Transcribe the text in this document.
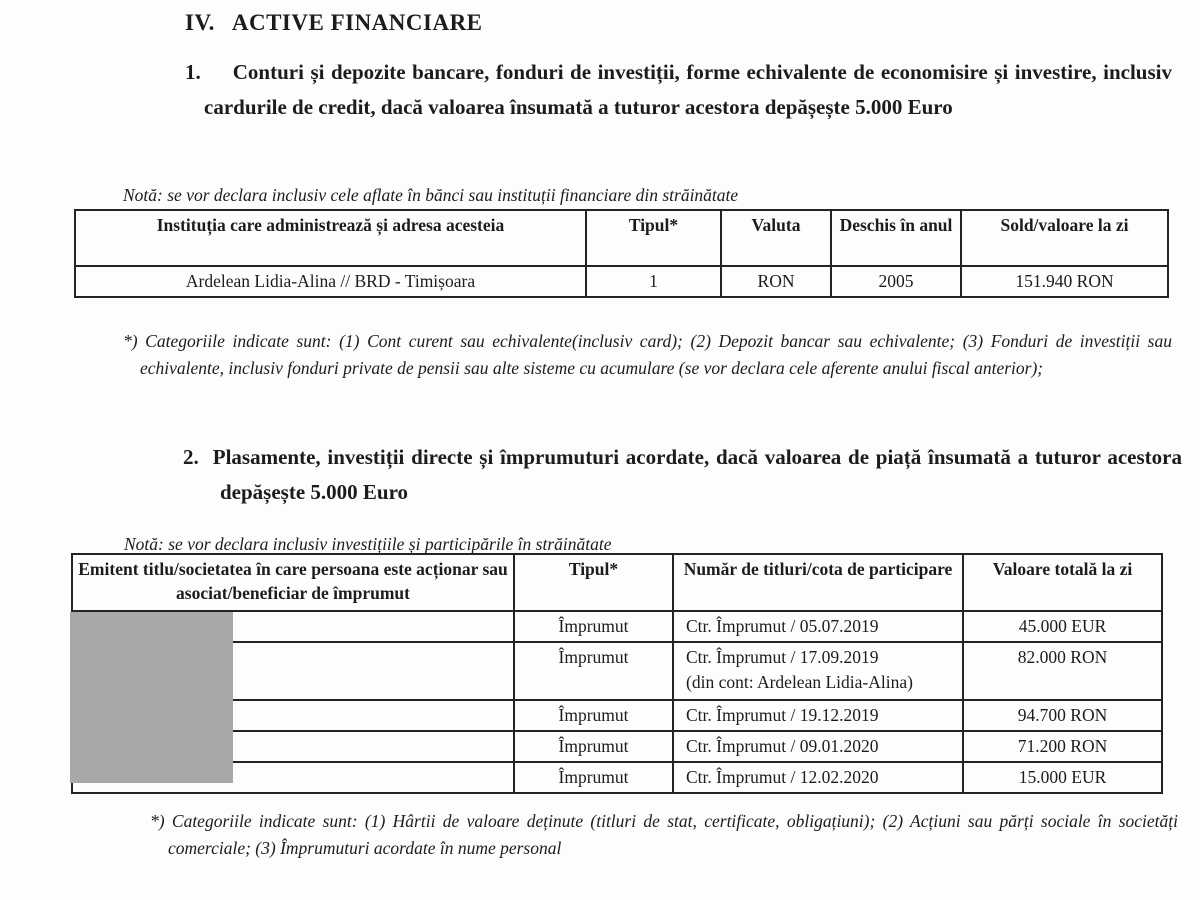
IV. ACTIVE FINANCIARE
1. Conturi și depozite bancare, fonduri de investiții, forme echivalente de economisire și investire, inclusiv cardurile de credit, dacă valoarea însumată a tuturor acestora depășește 5.000 Euro
Notă: se vor declara inclusiv cele aflate în bănci sau instituții financiare din străinătate
Instituția care administrează și adresa acesteia	Tipul*	Valuta	Deschis în anul	Sold/valoare la zi
Ardelean Lidia-Alina // BRD - Timișoara	1	RON	2005	151.940 RON
*) Categoriile indicate sunt: (1) Cont curent sau echivalente(inclusiv card); (2) Depozit bancar sau echivalente; (3) Fonduri de investiții sau echivalente, inclusiv fonduri private de pensii sau alte sisteme cu acumulare (se vor declara cele aferente anului fiscal anterior);
2. Plasamente, investiții directe și împrumuturi acordate, dacă valoarea de piață însumată a tuturor acestora depășește 5.000 Euro
Notă: se vor declara inclusiv investițiile și participările în străinătate
Emitent titlu/societatea în care persoana este acționar sau asociat/beneficiar de împrumut	Tipul*	Număr de titluri/cota de participare	Valoare totală la zi
	Împrumut	Ctr. Împrumut / 05.07.2019	45.000 EUR
	Împrumut	Ctr. Împrumut / 17.09.2019
(din cont: Ardelean Lidia-Alina)	82.000 RON
	Împrumut	Ctr. Împrumut / 19.12.2019	94.700 RON
	Împrumut	Ctr. Împrumut / 09.01.2020	71.200 RON
	Împrumut	Ctr. Împrumut / 12.02.2020	15.000 EUR
*) Categoriile indicate sunt: (1) Hârtii de valoare deținute (titluri de stat, certificate, obligațiuni); (2) Acțiuni sau părți sociale în societăți comerciale; (3) Împrumuturi acordate în nume personal
